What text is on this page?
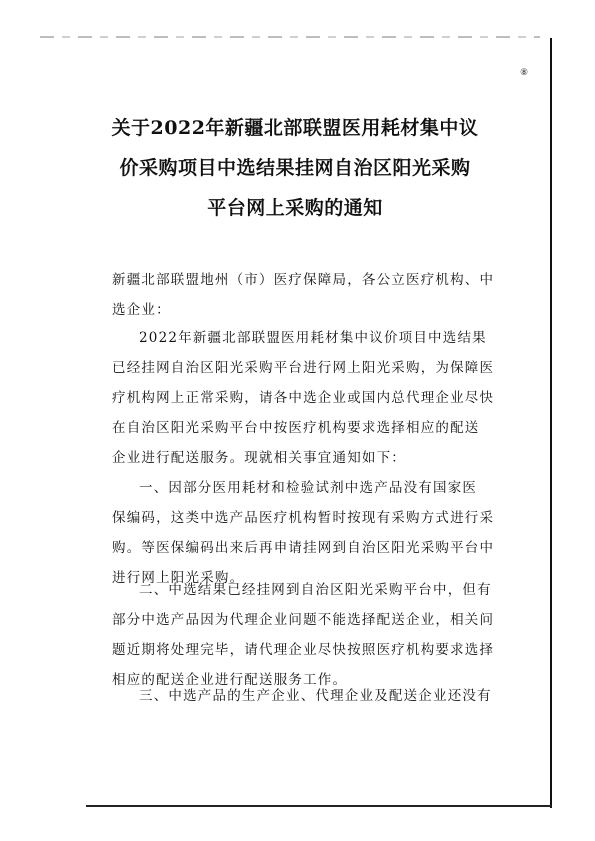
⑧
关于2022年新疆北部联盟医用耗材集中议
价采购项目中选结果挂网自治区阳光采购
平台网上采购的通知
新疆北部联盟地州（市）医疗保障局，各公立医疗机构、中
选企业：
2022年新疆北部联盟医用耗材集中议价项目中选结果
已经挂网自治区阳光采购平台进行网上阳光采购，为保障医
疗机构网上正常采购，请各中选企业或国内总代理企业尽快
在自治区阳光采购平台中按医疗机构要求选择相应的配送
企业进行配送服务。现就相关事宜通知如下：
一、因部分医用耗材和检验试剂中选产品没有国家医
保编码，这类中选产品医疗机构暂时按现有采购方式进行采
购。等医保编码出来后再申请挂网到自治区阳光采购平台中
进行网上阳光采购。
二、中选结果已经挂网到自治区阳光采购平台中，但有
部分中选产品因为代理企业问题不能选择配送企业，相关问
题近期将处理完毕，请代理企业尽快按照医疗机构要求选择
相应的配送企业进行配送服务工作。
三、中选产品的生产企业、代理企业及配送企业还没有
